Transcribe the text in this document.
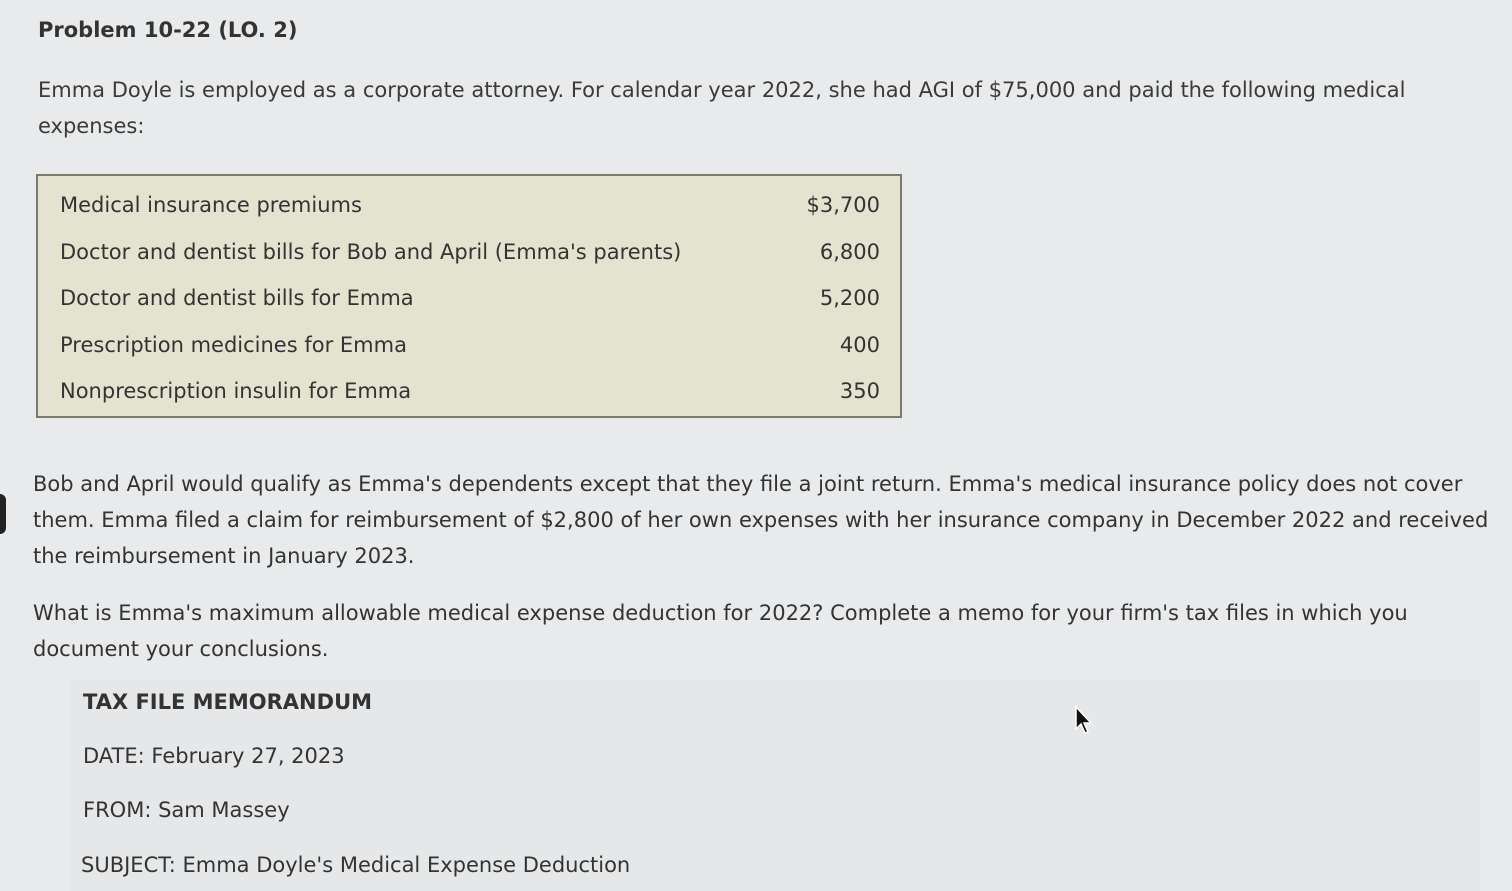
Problem 10-22 (LO. 2)
Emma Doyle is employed as a corporate attorney. For calendar year 2022, she had AGI of $75,000 and paid the following medical expenses:
Medical insurance premiums	$3,700
Doctor and dentist bills for Bob and April (Emma's parents)	6,800
Doctor and dentist bills for Emma	5,200
Prescription medicines for Emma	400
Nonprescription insulin for Emma	350
Bob and April would qualify as Emma's dependents except that they file a joint return. Emma's medical insurance policy does not cover them. Emma filed a claim for reimbursement of $2,800 of her own expenses with her insurance company in December 2022 and received the reimbursement in January 2023.
What is Emma's maximum allowable medical expense deduction for 2022? Complete a memo for your firm's tax files in which you document your conclusions.
TAX FILE MEMORANDUM
DATE: February 27, 2023
FROM: Sam Massey
SUBJECT: Emma Doyle's Medical Expense Deduction
